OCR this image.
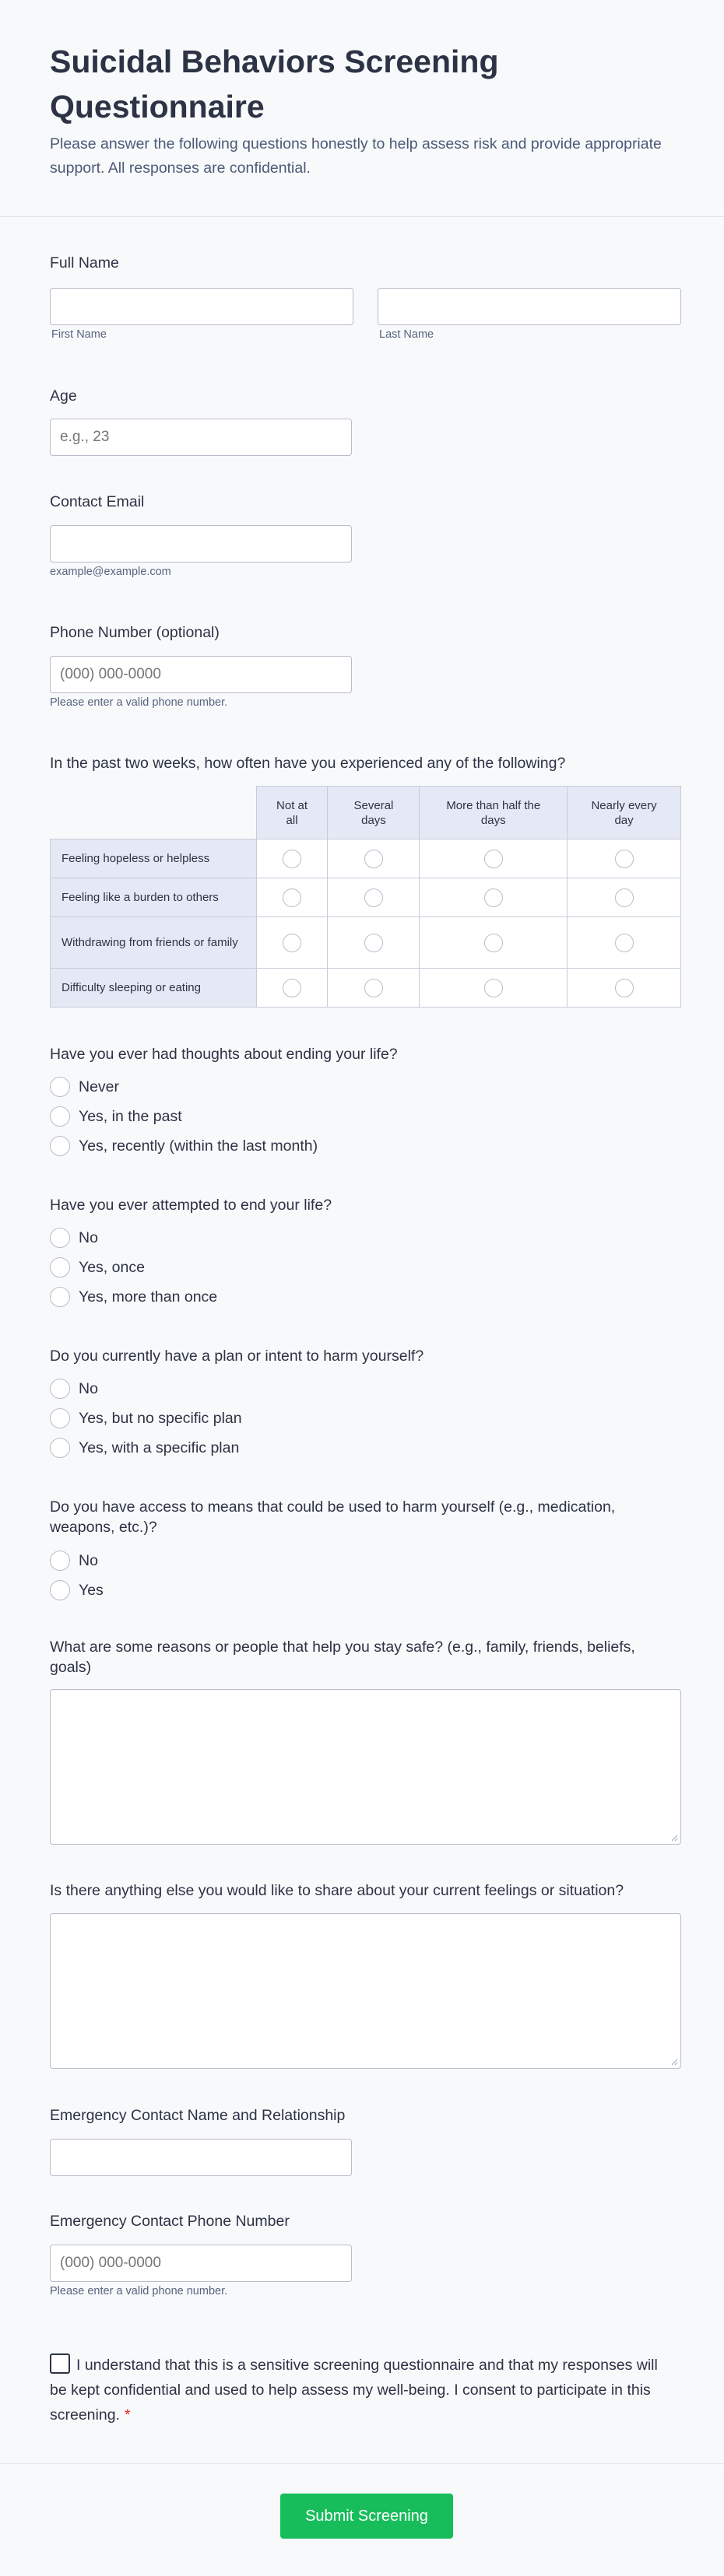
Suicidal Behaviors Screening Questionnaire

Please answer the following questions honestly to help assess risk and provide appropriate support. All responses are confidential.

Full Name
First Name	Last Name
Age
e.g., 23
Contact Email
example@example.com
Phone Number (optional)
(000) 000-0000
Please enter a valid phone number.
In the past two weeks, how often have you experienced any of the following?
	Not at all	Several days	More than half the days	Nearly every day
Feeling hopeless or helpless				
Feeling like a burden to others				
Withdrawing from friends or family				
Difficulty sleeping or eating				
Have you ever had thoughts about ending your life?
Never
Yes, in the past
Yes, recently (within the last month)
Have you ever attempted to end your life?
No
Yes, once
Yes, more than once
Do you currently have a plan or intent to harm yourself?
No
Yes, but no specific plan
Yes, with a specific plan
Do you have access to means that could be used to harm yourself (e.g., medication, weapons, etc.)?
No
Yes
What are some reasons or people that help you stay safe? (e.g., family, friends, beliefs, goals)
Is there anything else you would like to share about your current feelings or situation?
Emergency Contact Name and Relationship
Emergency Contact Phone Number
(000) 000-0000
Please enter a valid phone number.
I understand that this is a sensitive screening questionnaire and that my responses will be kept confidential and used to help assess my well-being. I consent to participate in this screening. *
Submit Screening
